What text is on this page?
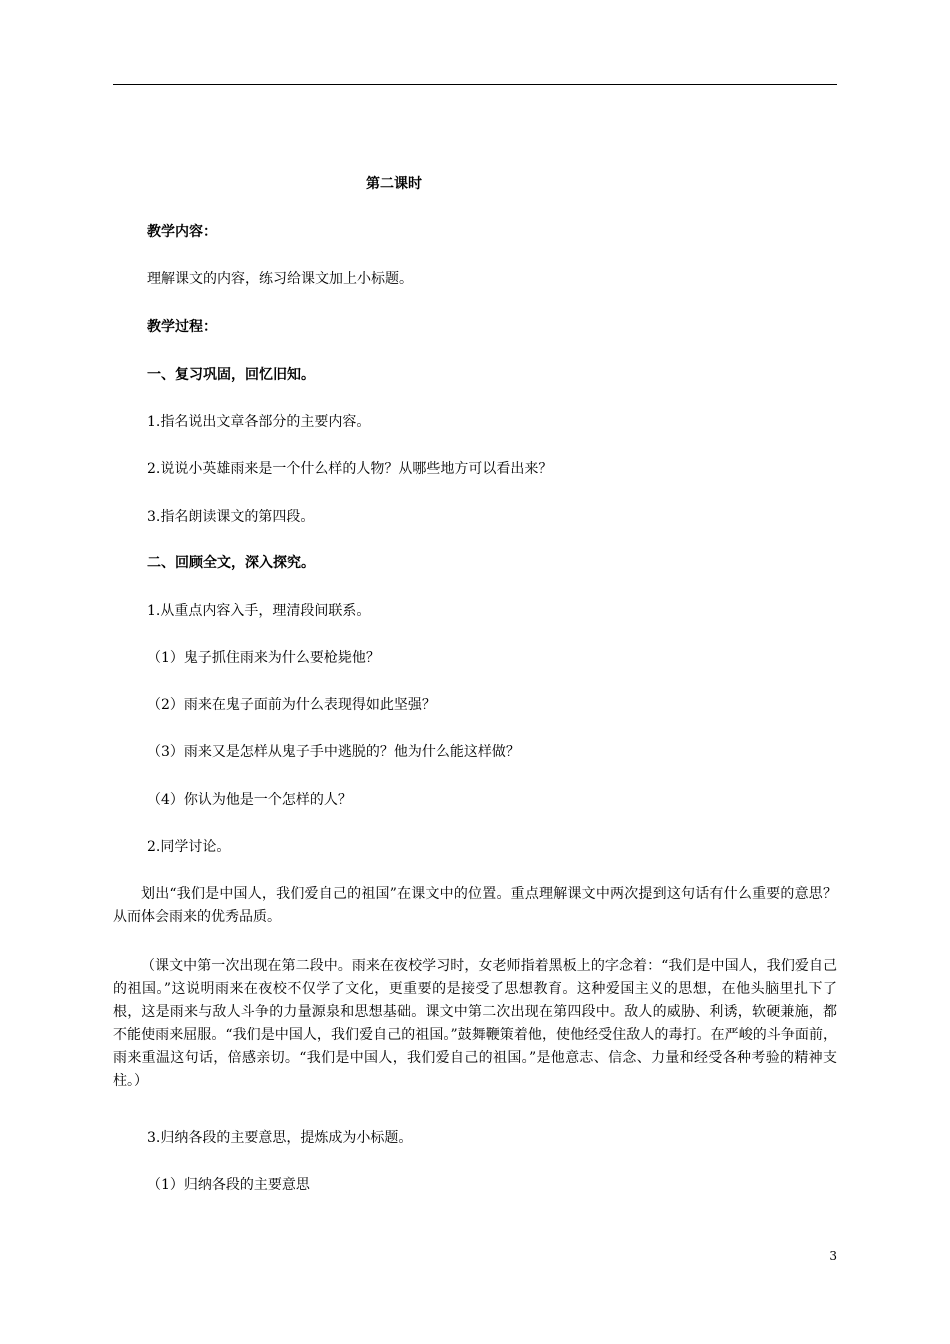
第二课时
教学内容：
理解课文的内容，练习给课文加上小标题。
教学过程：
一、复习巩固，回忆旧知。
1.指名说出文章各部分的主要内容。
2.说说小英雄雨来是一个什么样的人物？从哪些地方可以看出来？
3.指名朗读课文的第四段。
二、回顾全文，深入探究。
1.从重点内容入手，理清段间联系。
（1）鬼子抓住雨来为什么要枪毙他？
（2）雨来在鬼子面前为什么表现得如此坚强？
（3）雨来又是怎样从鬼子手中逃脱的？他为什么能这样做？
（4）你认为他是一个怎样的人？
2.同学讨论。
划出“我们是中国人，我们爱自己的祖国”在课文中的位置。重点理解课文中两次提到这句话有什么重要的意思？从而体会雨来的优秀品质。
（课文中第一次出现在第二段中。雨来在夜校学习时，女老师指着黑板上的字念着：“我们是中国人，我们爱自己的祖国。”这说明雨来在夜校不仅学了文化，更重要的是接受了思想教育。这种爱国主义的思想，在他头脑里扎下了根，这是雨来与敌人斗争的力量源泉和思想基础。课文中第二次出现在第四段中。敌人的威胁、利诱，软硬兼施，都不能使雨来屈服。“我们是中国人，我们爱自己的祖国。”鼓舞鞭策着他，使他经受住敌人的毒打。在严峻的斗争面前，雨来重温这句话，倍感亲切。“我们是中国人，我们爱自己的祖国。”是他意志、信念、力量和经受各种考验的精神支柱。）
3.归纳各段的主要意思，提炼成为小标题。
（1）归纳各段的主要意思
3
